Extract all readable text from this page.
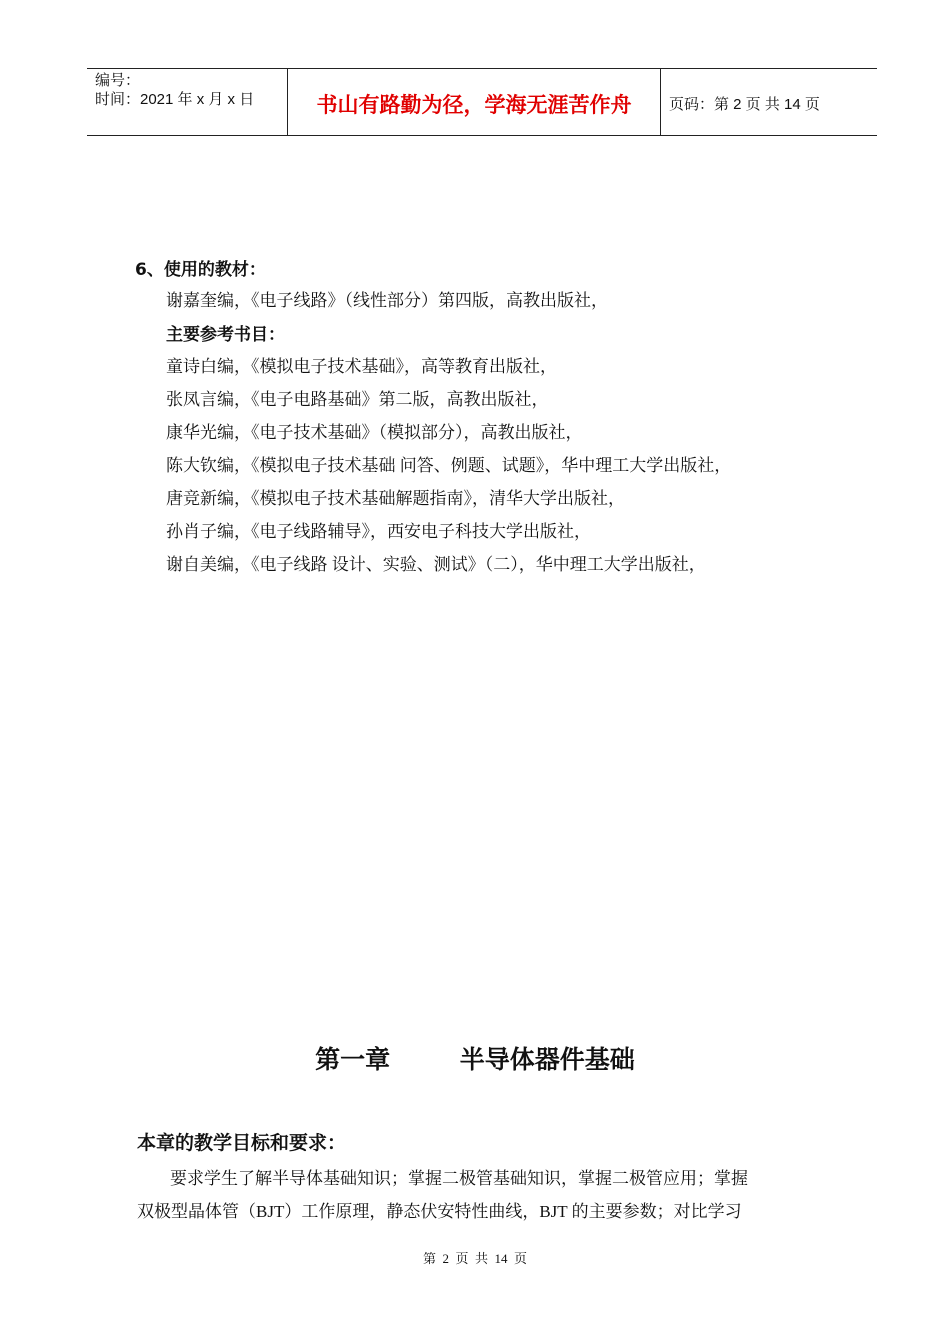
编号：
时间：2021 年 x 月 x 日	书山有路勤为径，学海无涯苦作舟	页码：第 2 页 共 14 页
6、使用的教材：
谢嘉奎编，《电子线路》（线性部分）第四版，高教出版社，
主要参考书目：
童诗白编，《模拟电子技术基础》，高等教育出版社，
张凤言编，《电子电路基础》第二版，高教出版社，
康华光编，《电子技术基础》（模拟部分），高教出版社，
陈大钦编，《模拟电子技术基础 问答、例题、试题》，华中理工大学出版社，
唐竞新编，《模拟电子技术基础解题指南》，清华大学出版社，
孙肖子编，《电子线路辅导》，西安电子科技大学出版社，
谢自美编，《电子线路 设计、实验、测试》（二），华中理工大学出版社，
第一章        半导体器件基础
本章的教学目标和要求：
要求学生了解半导体基础知识；掌握二极管基础知识，掌握二极管应用；掌握
双极型晶体管（BJT）工作原理，静态伏安特性曲线，BJT 的主要参数；对比学习
第  2  页  共  14  页
